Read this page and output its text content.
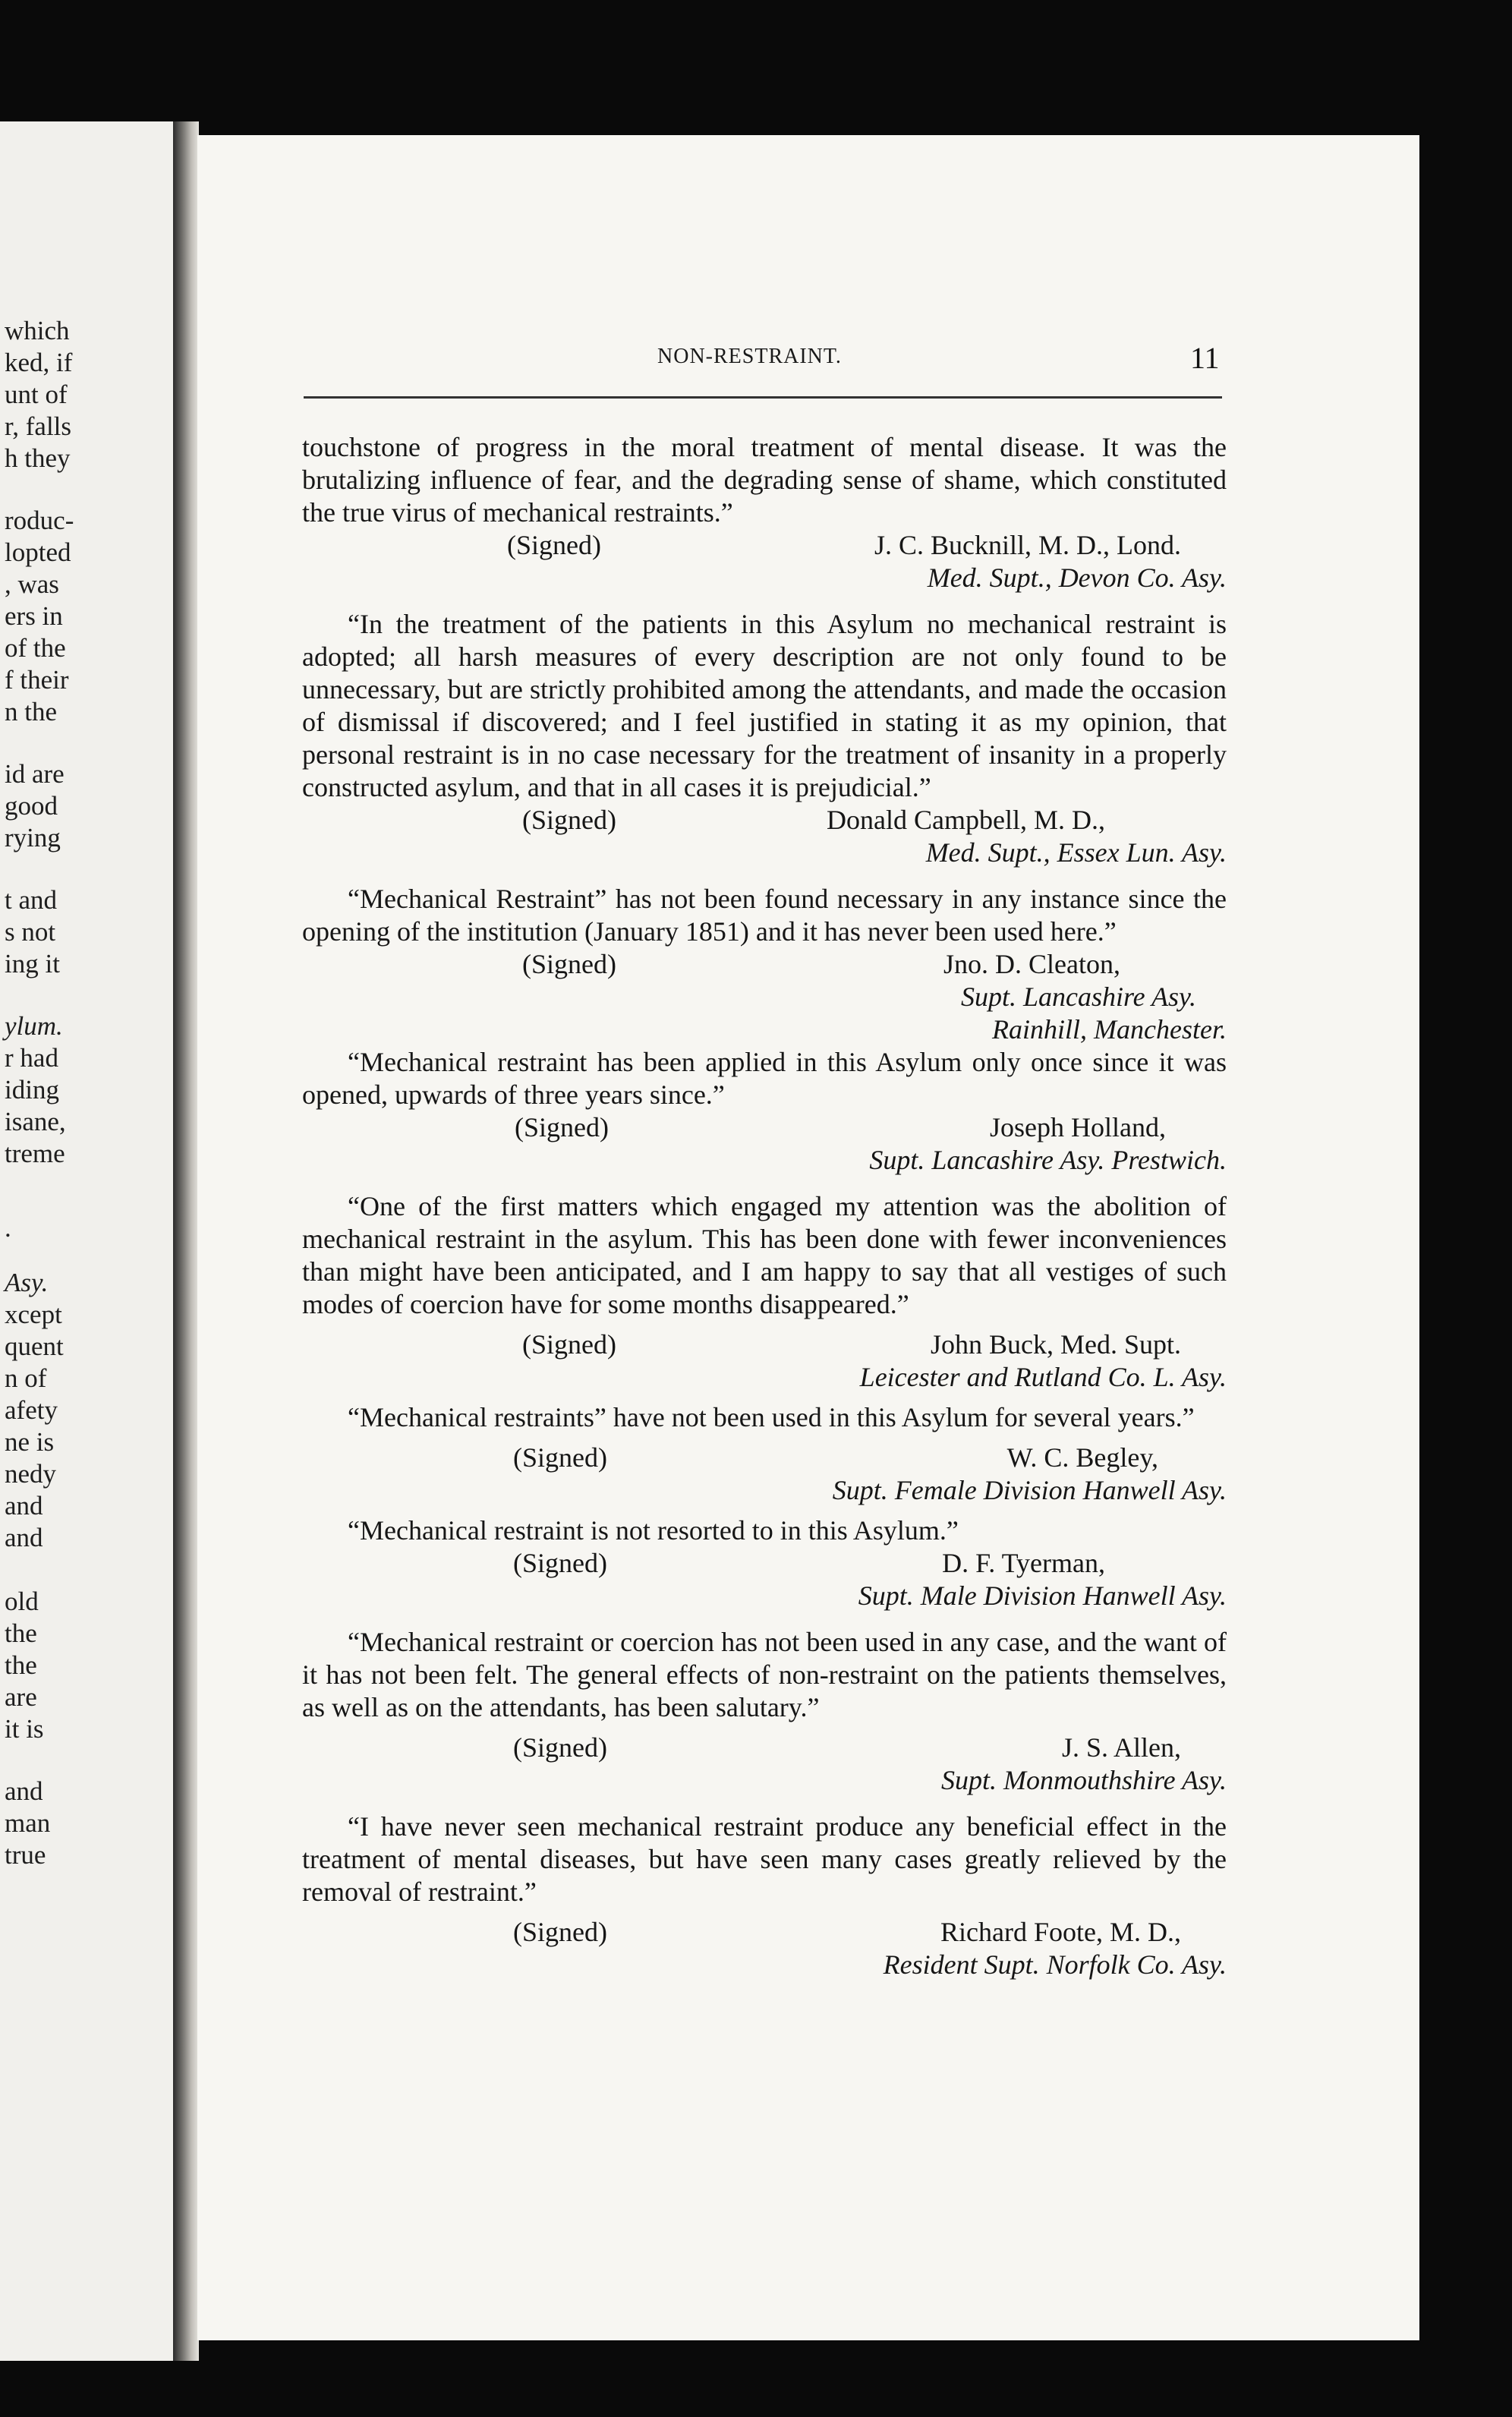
which
ked, if
unt of
r, falls
h they
roduc-
lopted
, was
ers in
of the
f their
n the
id are
good
rying
t and
s not
ing it
ylum.
r had
iding
isane,
treme
.
Asy.
xcept
quent
n of
afety
ne is
nedy
and
and
old
the
the
are
it is
and
man
true
NON-RESTRAINT.	11

touchstone of progress in the moral treatment of mental disease. It was the brutalizing influence of fear, and the degrading sense of shame, which constituted the true virus of mechanical restraints.”

(Signed)	J. C. Bucknill, M. D., Lond.

Med. Supt., Devon Co. Asy.

“In the treatment of the patients in this Asylum no mechanical restraint is adopted; all harsh measures of every description are not only found to be unnecessary, but are strictly prohibited among the attendants, and made the occasion of dismissal if discovered; and I feel justified in stating it as my opinion, that personal restraint is in no case necessary for the treatment of insanity in a properly constructed asylum, and that in all cases it is prejudicial.”

(Signed)	Donald Campbell, M. D.,

Med. Supt., Essex Lun. Asy.

“Mechanical Restraint” has not been found necessary in any instance since the opening of the institution (January 1851) and it has never been used here.”

(Signed)	Jno. D. Cleaton,

Supt. Lancashire Asy.

Rainhill, Manchester.

“Mechanical restraint has been applied in this Asylum only once since it was opened, upwards of three years since.”

(Signed)	Joseph Holland,

Supt. Lancashire Asy. Prestwich.

“One of the first matters which engaged my attention was the abolition of mechanical restraint in the asylum. This has been done with fewer inconveniences than might have been anticipated, and I am happy to say that all vestiges of such modes of coercion have for some months disappeared.”

(Signed)	John Buck, Med. Supt.

Leicester and Rutland Co. L. Asy.

“Mechanical restraints” have not been used in this Asylum for several years.”

(Signed)	W. C. Begley,

Supt. Female Division Hanwell Asy.

“Mechanical restraint is not resorted to in this Asylum.”

(Signed)	D. F. Tyerman,

Supt. Male Division Hanwell Asy.

“Mechanical restraint or coercion has not been used in any case, and the want of it has not been felt. The general effects of non-restraint on the patients themselves, as well as on the attendants, has been salutary.”

(Signed)	J. S. Allen,

Supt. Monmouthshire Asy.

“I have never seen mechanical restraint produce any beneficial effect in the treatment of mental diseases, but have seen many cases greatly relieved by the removal of restraint.”

(Signed)	Richard Foote, M. D.,

Resident Supt. Norfolk Co. Asy.
